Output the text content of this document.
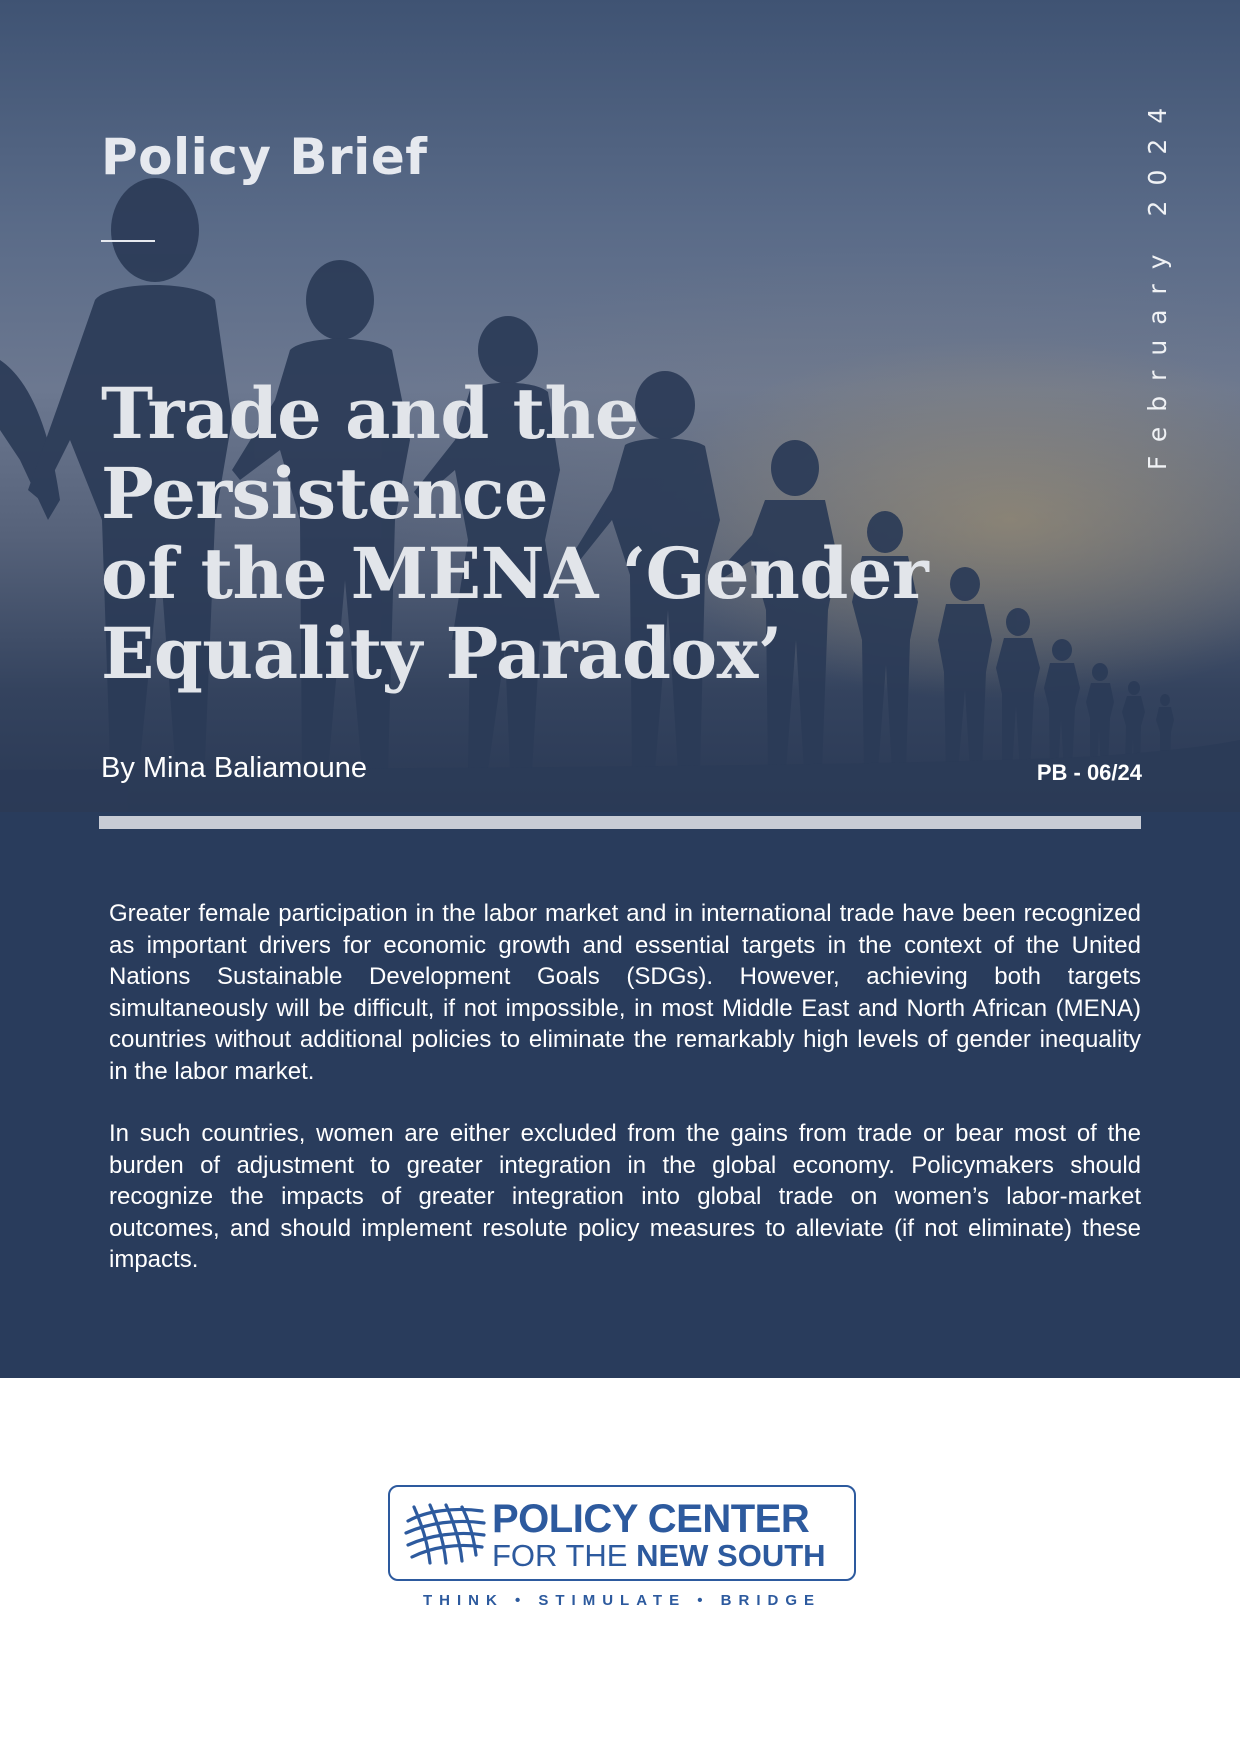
Policy Brief
Trade and the Persistence
of the MENA ‘Gender
Equality Paradox’
February 2024
By Mina Baliamoune	PB - 06/24

Greater female participation in the labor market and in international trade have been recognized as important drivers for economic growth and essential targets in the context of the United Nations Sustainable Development Goals (SDGs). However, achieving both targets simultaneously will be difficult, if not impossible, in most Middle East and North African (MENA) countries without additional policies to eliminate the remarkably high levels of gender inequality in the labor market.

In such countries, women are either excluded from the gains from trade or bear most of the burden of adjustment to greater integration in the global economy. Policymakers should recognize the impacts of greater integration into global trade on women’s labor-market outcomes, and should implement resolute policy measures to alleviate (if not eliminate) these impacts.

POLICY CENTER
FOR THE NEW SOUTH
THINK • STIMULATE • BRIDGE
